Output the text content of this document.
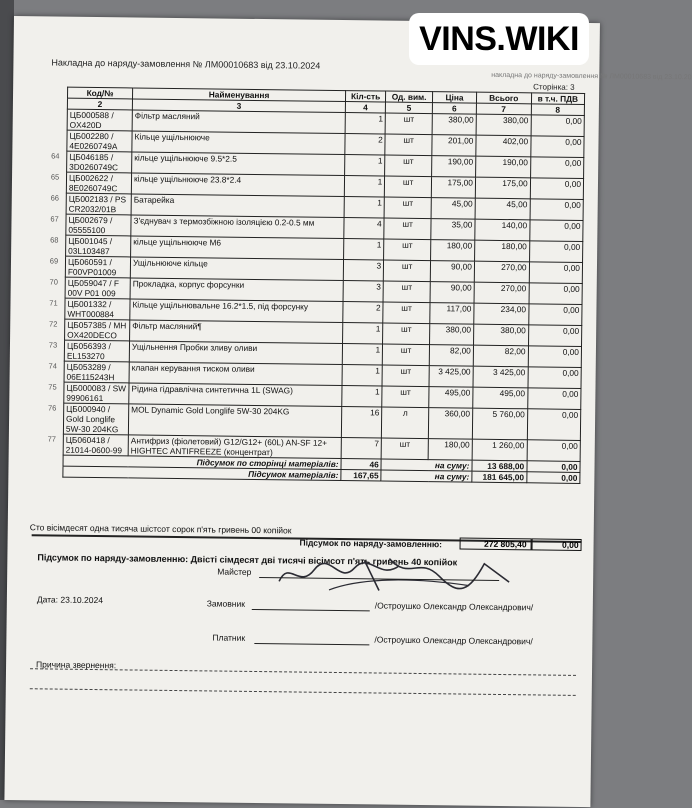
Накладна до наряду-замовлення № ЛМ00010683 від 23.10.2024
накладна до наряду-замовлення № ЛМ00010683 від 23.10.20
Сторінка: 3
	Код/№	Найменування	Кіл-сть	Од. вим.	Ціна	Всього	в т.ч. ПДВ
	2	3	4	5	6	7	8
	ЦБ000588 / OX420D	Фільтр масляний	1	шт	380,00	380,00	0,00
	ЦБ002280 / 4E0260749A	Кільце ущільнююче	2	шт	201,00	402,00	0,00
64	ЦБ046185 / 3D0260749C	кільце ущільнююче 9.5*2.5	1	шт	190,00	190,00	0,00
65	ЦБ002622 / 8E0260749C	кільце ущільнююче 23.8*2.4	1	шт	175,00	175,00	0,00
66	ЦБ002183 / PS CR2032/01B	Батарейка	1	шт	45,00	45,00	0,00
67	ЦБ002679 / 05555100	З'єднувач з термозбіжною ізоляцією 0.2-0.5 мм	4	шт	35,00	140,00	0,00
68	ЦБ001045 / 03L103487	кільце ущільнююче М6	1	шт	180,00	180,00	0,00
69	ЦБ060591 / F00VP01009	Ущільнююче кільце	3	шт	90,00	270,00	0,00
70	ЦБ059047 / F 00V P01 009	Прокладка, корпус форсунки	3	шт	90,00	270,00	0,00
71	ЦБ001332 / WHT000884	Кільце ущільнювальне 16.2*1.5, під форсунку	2	шт	117,00	234,00	0,00
72	ЦБ057385 / МН OX420DECO	Фільтр масляний¶	1	шт	380,00	380,00	0,00
73	ЦБ056393 / EL153270	Ущільнення Пробки зливу оливи	1	шт	82,00	82,00	0,00
74	ЦБ053289 / 06E115243H	клапан керування тиском оливи	1	шт	3 425,00	3 425,00	0,00
75	ЦБ000083 / SW 99906161	Рідина гідравлічна синтетична 1L (SWAG)	1	шт	495,00	495,00	0,00
76	ЦБ000940 / Gold Longlife 5W-30 204KG	MOL Dynamic Gold Longlife 5W-30 204KG	16	л	360,00	5 760,00	0,00
77	ЦБ060418 / 21014-0600-99	Антифриз (фіолетовий) G12/G12+ (60L) AN-SF 12+ HIGHTEC ANTIFREEZE (концентрат)	7	шт	180,00	1 260,00	0,00
	Підсумок по сторінці матеріалів:		46	на суму:		13 688,00	0,00
	Підсумок матеріалів:		167,65	на суму:		181 645,00	0,00
Сто вісімдесят одна тисяча шістсот сорок п'ять гривень 00 копійок
Підсумок по наряду-замовленню:	272 805,40	0,00
Підсумок по наряду-замовленню: Двісті сімдесят дві тисячі вісімсот п'ять гривень 40 копійок
Майстер
Дата: 23.10.2024	Замовник	/Остроушко Олександр Олександрович/
Платник	/Остроушко Олександр Олександрович/
Причина звернення:
VINS.WIKI
